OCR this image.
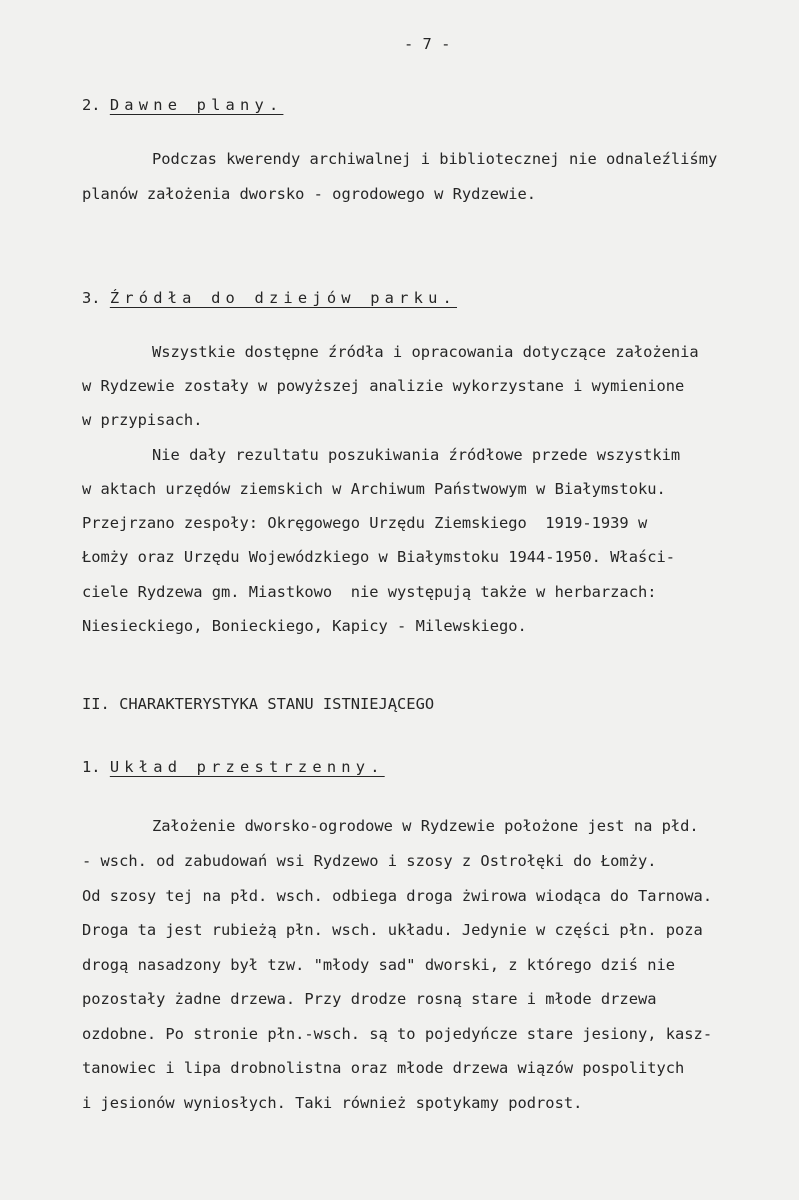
- 7 -
2. Dawne plany.
Podczas kwerendy archiwalnej i bibliotecznej nie odnaleźliśmy
planów założenia dworsko - ogrodowego w Rydzewie.
3. Źródła do dziejów parku.
Wszystkie dostępne źródła i opracowania dotyczące założenia
w Rydzewie zostały w powyższej analizie wykorzystane i wymienione
w przypisach.
Nie dały rezultatu poszukiwania źródłowe przede wszystkim
w aktach urzędów ziemskich w Archiwum Państwowym w Białymstoku.
Przejrzano zespoły: Okręgowego Urzędu Ziemskiego  1919-1939 w
Łomży oraz Urzędu Wojewódzkiego w Białymstoku 1944-1950. Właści-
ciele Rydzewa gm. Miastkowo  nie występują także w herbarzach:
Niesieckiego, Bonieckiego, Kapicy - Milewskiego.
II. CHARAKTERYSTYKA STANU ISTNIEJĄCEGO
1. Układ przestrzenny.
Założenie dworsko-ogrodowe w Rydzewie położone jest na płd.
- wsch. od zabudowań wsi Rydzewo i szosy z Ostrołęki do Łomży.
Od szosy tej na płd. wsch. odbiega droga żwirowa wiodąca do Tarnowa.
Droga ta jest rubieżą płn. wsch. układu. Jedynie w części płn. poza
drogą nasadzony był tzw. "młody sad" dworski, z którego dziś nie
pozostały żadne drzewa. Przy drodze rosną stare i młode drzewa
ozdobne. Po stronie płn.-wsch. są to pojedyńcze stare jesiony, kasz-
tanowiec i lipa drobnolistna oraz młode drzewa wiązów pospolitych
i jesionów wyniosłych. Taki również spotykamy podrost.
